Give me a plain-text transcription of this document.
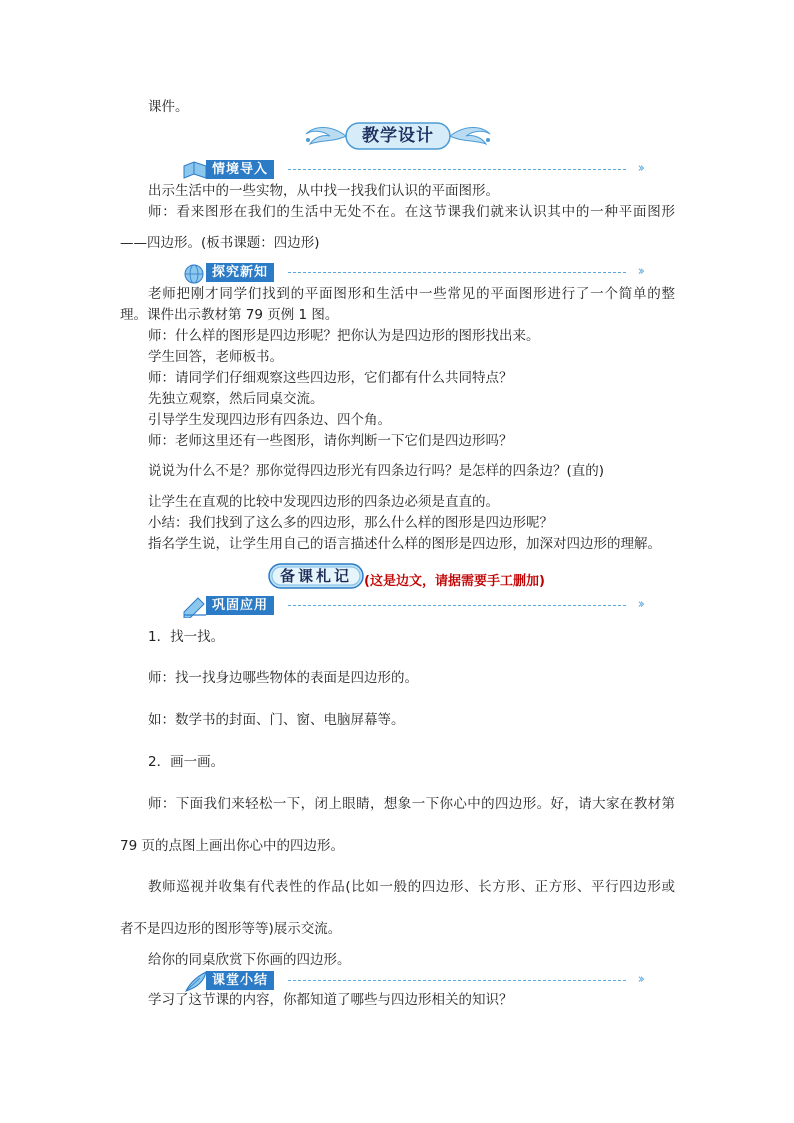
课件。
教学设计
情境导入	››
出示生活中的一些实物，从中找一找我们认识的平面图形。
师：看来图形在我们的生活中无处不在。在这节课我们就来认识其中的一种平面图形
——四边形。(板书课题：四边形)
探究新知	››
老师把刚才同学们找到的平面图形和生活中一些常见的平面图形进行了一个简单的整
理。课件出示教材第 79 页例 1 图。
师：什么样的图形是四边形呢？把你认为是四边形的图形找出来。
学生回答，老师板书。
师：请同学们仔细观察这些四边形，它们都有什么共同特点？
先独立观察，然后同桌交流。
引导学生发现四边形有四条边、四个角。
师：老师这里还有一些图形，请你判断一下它们是四边形吗？
说说为什么不是？那你觉得四边形光有四条边行吗？是怎样的四条边？(直的)
让学生在直观的比较中发现四边形的四条边必须是直直的。
小结：我们找到了这么多的四边形，那么什么样的图形是四边形呢？
指名学生说，让学生用自己的语言描述什么样的图形是四边形，加深对四边形的理解。
备课札记 (这是边文，请据需要手工删加)
巩固应用	››
1．找一找。
师：找一找身边哪些物体的表面是四边形的。
如：数学书的封面、门、窗、电脑屏幕等。
2．画一画。
师：下面我们来轻松一下，闭上眼睛，想象一下你心中的四边形。好，请大家在教材第
79 页的点图上画出你心中的四边形。
教师巡视并收集有代表性的作品(比如一般的四边形、长方形、正方形、平行四边形或
者不是四边形的图形等等)展示交流。
给你的同桌欣赏下你画的四边形。
课堂小结	››
学习了这节课的内容，你都知道了哪些与四边形相关的知识？
